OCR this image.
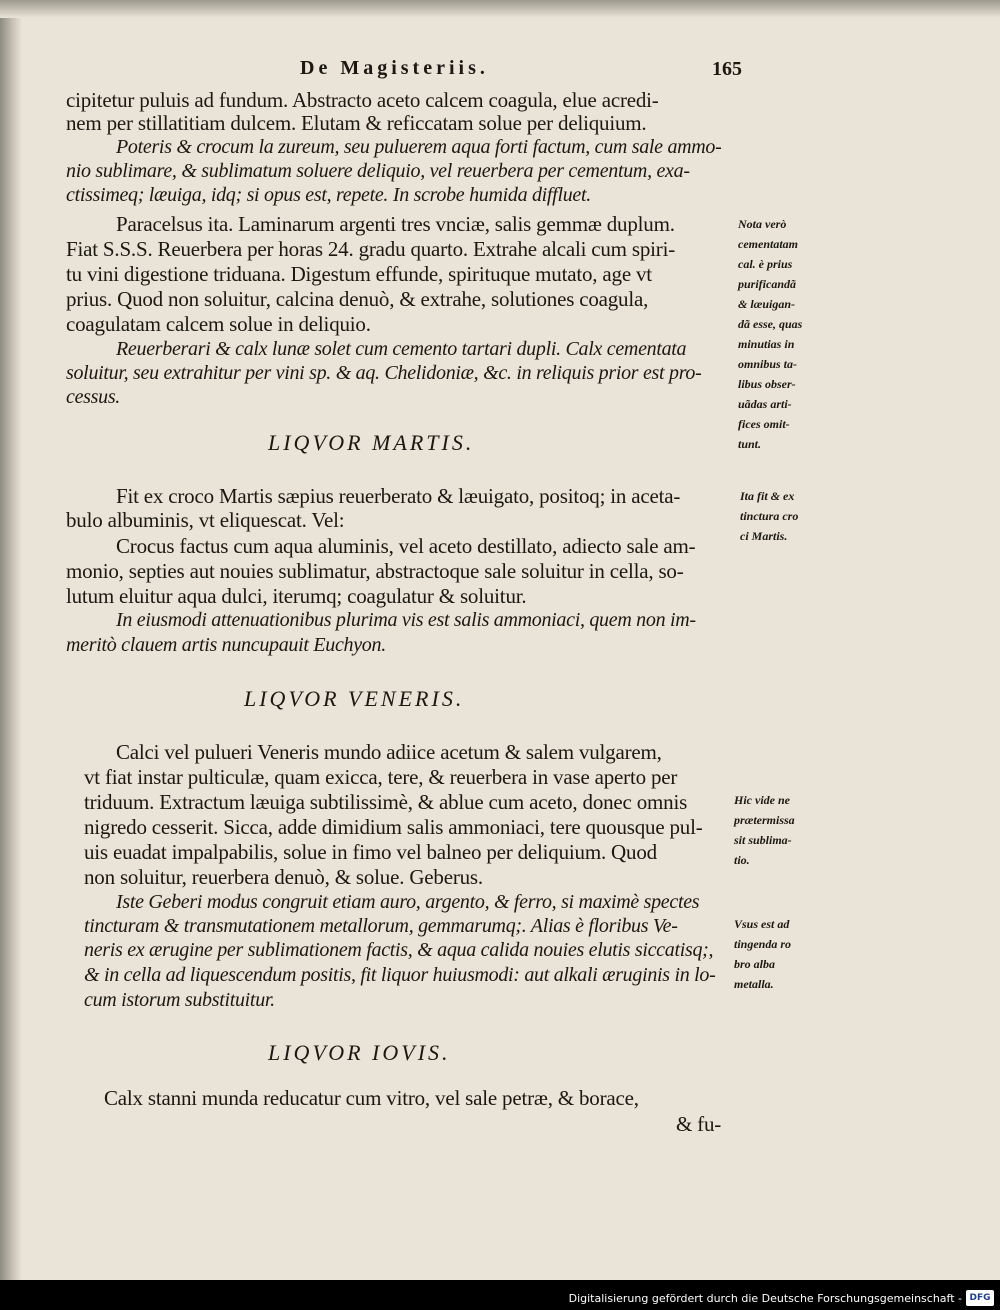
De Magisteriis.	165

cipitetur puluis ad fundum. Abstracto aceto calcem coagula, elue acredi-

nem per stillatitiam dulcem. Elutam & reficcatam solue per deliquium.

Poteris & crocum la zureum, seu puluerem aqua forti factum, cum sale ammo-

nio sublimare, & sublimatum soluere deliquio, vel reuerbera per cementum, exa-

ctissimeq; læuiga, idq; si opus est, repete. In scrobe humida diffluet.

Paracelsus ita. Laminarum argenti tres vnciæ, salis gemmæ duplum.

Fiat S.S.S. Reuerbera per horas 24. gradu quarto. Extrahe alcali cum spiri-

tu vini digestione triduana. Digestum effunde, spirituque mutato, age vt

prius. Quod non soluitur, calcina denuò, & extrahe, solutiones coagula,

coagulatam calcem solue in deliquio.

Reuerberari & calx lunæ solet cum cemento tartari dupli. Calx cementata

soluitur, seu extrahitur per vini sp. & aq. Chelidoniæ, &c. in reliquis prior est pro-

cessus.

LIQVOR MARTIS.

Fit ex croco Martis sæpius reuerberato & læuigato, positoq; in aceta-

bulo albuminis, vt eliquescat. Vel:

Crocus factus cum aqua aluminis, vel aceto destillato, adiecto sale am-

monio, septies aut nouies sublimatur, abstractoque sale soluitur in cella, so-

lutum eluitur aqua dulci, iterumq; coagulatur & soluitur.

In eiusmodi attenuationibus plurima vis est salis ammoniaci, quem non im-

meritò clauem artis nuncupauit Euchyon.

LIQVOR VENERIS.

Calci vel pulueri Veneris mundo adiice acetum & salem vulgarem,

vt fiat instar pulticulæ, quam exicca, tere, & reuerbera in vase aperto per

triduum. Extractum læuiga subtilissimè, & ablue cum aceto, donec omnis

nigredo cesserit. Sicca, adde dimidium salis ammoniaci, tere quousque pul-

uis euadat impalpabilis, solue in fimo vel balneo per deliquium. Quod

non soluitur, reuerbera denuò, & solue. Geberus.

Iste Geberi modus congruit etiam auro, argento, & ferro, si maximè spectes

tincturam & transmutationem metallorum, gemmarumq;. Alias è floribus Ve-

neris ex ærugine per sublimationem factis, & aqua calida nouies elutis siccatisq;,

& in cella ad liquescendum positis, fit liquor huiusmodi: aut alkali æruginis in lo-

cum istorum substituitur.

LIQVOR IOVIS.

Calx stanni munda reducatur cum vitro, vel sale petræ, & borace,

& fu-

Nota verò
cementatam
cal. è prius
purificandã
& læuigan-
dã esse, quas
minutias in
omnibus ta-
libus obser-
uãdas arti-
fices omit-
tunt.
Ita fit & ex
tinctura cro
ci Martis.
Hic vide ne
prætermissa
sit sublima-
tio.
Vsus est ad
tingenda ro
bro alba
metalla.
Digitalisierung gefördert durch die Deutsche Forschungsgemeinschaft - DFG
